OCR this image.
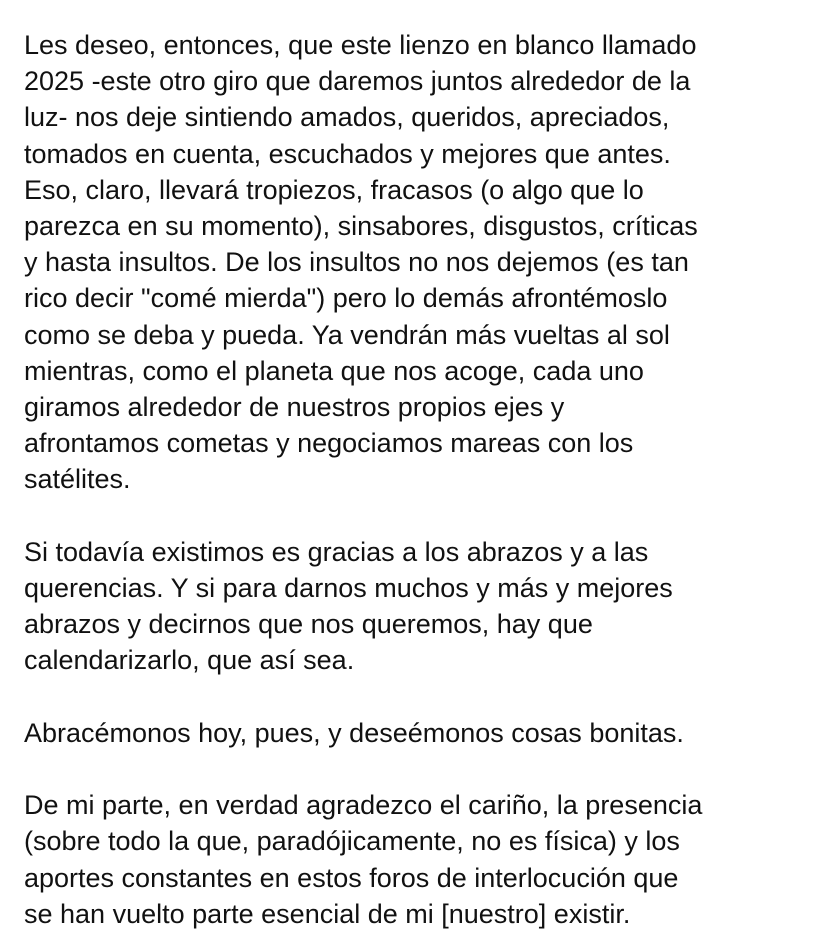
Les deseo, entonces, que este lienzo en blanco llamado
2025 -este otro giro que daremos juntos alrededor de la
luz- nos deje sintiendo amados, queridos, apreciados,
tomados en cuenta, escuchados y mejores que antes.
Eso, claro, llevará tropiezos, fracasos (o algo que lo
parezca en su momento), sinsabores, disgustos, críticas
y hasta insultos. De los insultos no nos dejemos (es tan
rico decir "comé mierda") pero lo demás afrontémoslo
como se deba y pueda. Ya vendrán más vueltas al sol
mientras, como el planeta que nos acoge, cada uno
giramos alrededor de nuestros propios ejes y
afrontamos cometas y negociamos mareas con los
satélites.

Si todavía existimos es gracias a los abrazos y a las
querencias. Y si para darnos muchos y más y mejores
abrazos y decirnos que nos queremos, hay que
calendarizarlo, que así sea.

Abracémonos hoy, pues, y deseémonos cosas bonitas.

De mi parte, en verdad agradezco el cariño, la presencia
(sobre todo la que, paradójicamente, no es física) y los
aportes constantes en estos foros de interlocución que
se han vuelto parte esencial de mi [nuestro] existir.
